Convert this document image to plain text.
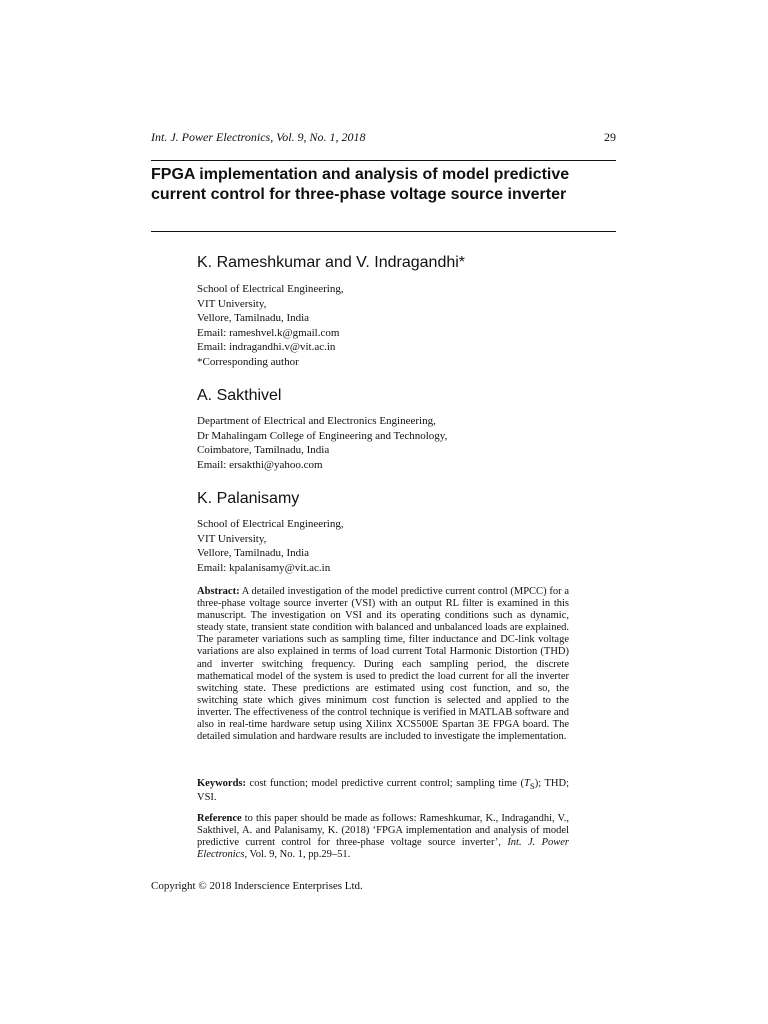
Int. J. Power Electronics, Vol. 9, No. 1, 2018	29
FPGA implementation and analysis of model predictive current control for three-phase voltage source inverter

K. Rameshkumar and V. Indragandhi*

School of Electrical Engineering,
VIT University,
Vellore, Tamilnadu, India
Email: rameshvel.k@gmail.com
Email: indragandhi.v@vit.ac.in
*Corresponding author

A. Sakthivel

Department of Electrical and Electronics Engineering,
Dr Mahalingam College of Engineering and Technology,
Coimbatore, Tamilnadu, India
Email: ersakthi@yahoo.com

K. Palanisamy

School of Electrical Engineering,
VIT University,
Vellore, Tamilnadu, India
Email: kpalanisamy@vit.ac.in

Abstract: A detailed investigation of the model predictive current control (MPCC) for a three-phase voltage source inverter (VSI) with an output RL filter is examined in this manuscript. The investigation on VSI and its operating conditions such as dynamic, steady state, transient state condition with balanced and unbalanced loads are explained. The parameter variations such as sampling time, filter inductance and DC-link voltage variations are also explained in terms of load current Total Harmonic Distortion (THD) and inverter switching frequency. During each sampling period, the discrete mathematical model of the system is used to predict the load current for all the inverter switching state. These predictions are estimated using cost function, and so, the switching state which gives minimum cost function is selected and applied to the inverter. The effectiveness of the control technique is verified in MATLAB software and also in real-time hardware setup using Xilinx XCS500E Spartan 3E FPGA board. The detailed simulation and hardware results are included to investigate the implementation.

Keywords: cost function; model predictive current control; sampling time $(T_S)$; THD; VSI.

Reference to this paper should be made as follows: Rameshkumar, K., Indragandhi, V., Sakthivel, A. and Palanisamy, K. (2018) ‘FPGA implementation and analysis of model predictive current control for three-phase voltage source inverter’, Int. J. Power Electronics, Vol. 9, No. 1, pp.29–51.

Copyright © 2018 Inderscience Enterprises Ltd.
